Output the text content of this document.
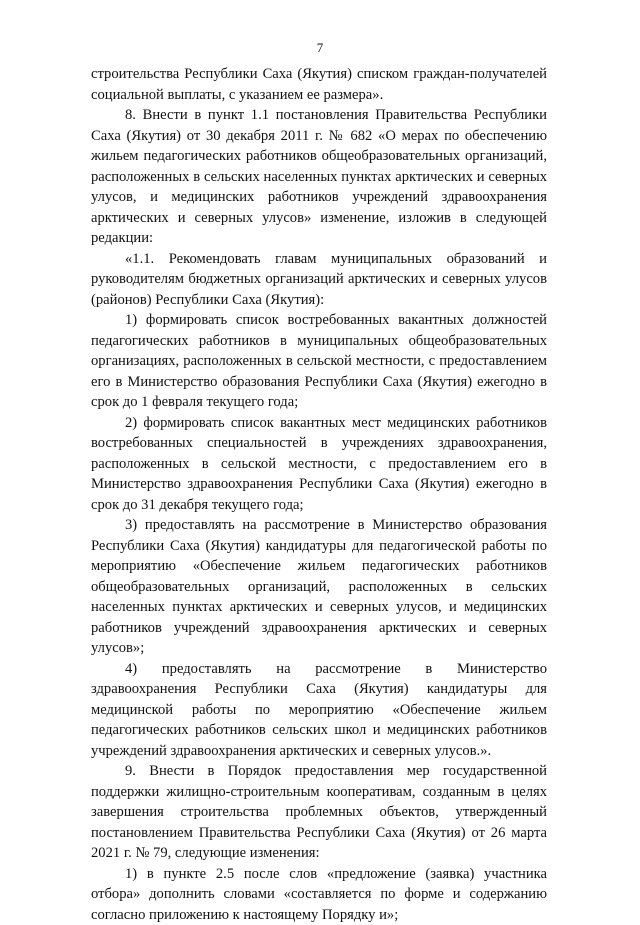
7

строительства Республики Саха (Якутия) списком граждан-получателей социальной выплаты, с указанием ее размера».

8. Внести в пункт 1.1 постановления Правительства Республики Саха (Якутия) от 30 декабря 2011 г. № 682 «О мерах по обеспечению жильем педагогических работников общеобразовательных организаций, расположенных в сельских населенных пунктах арктических и северных улусов, и медицинских работников учреждений здравоохранения арктических и северных улусов» изменение, изложив в следующей редакции:

«1.1. Рекомендовать главам муниципальных образований и руководителям бюджетных организаций арктических и северных улусов (районов) Республики Саха (Якутия):

1) формировать список востребованных вакантных должностей педагогических работников в муниципальных общеобразовательных организациях, расположенных в сельской местности, с предоставлением его в Министерство образования Республики Саха (Якутия) ежегодно в срок до 1 февраля текущего года;

2) формировать список вакантных мест медицинских работников востребованных специальностей в учреждениях здравоохранения, расположенных в сельской местности, с предоставлением его в Министерство здравоохранения Республики Саха (Якутия) ежегодно в срок до 31 декабря текущего года;

3) предоставлять на рассмотрение в Министерство образования Республики Саха (Якутия) кандидатуры для педагогической работы по мероприятию «Обеспечение жильем педагогических работников общеобразовательных организаций, расположенных в сельских населенных пунктах арктических и северных улусов, и медицинских работников учреждений здравоохранения арктических и северных улусов»;

4) предоставлять на рассмотрение в Министерство здравоохранения Республики Саха (Якутия) кандидатуры для медицинской работы по мероприятию «Обеспечение жильем педагогических работников сельских школ и медицинских работников учреждений здравоохранения арктических и северных улусов.».

9. Внести в Порядок предоставления мер государственной поддержки жилищно-строительным кооперативам, созданным в целях завершения строительства проблемных объектов, утвержденный постановлением Правительства Республики Саха (Якутия) от 26 марта 2021 г. № 79, следующие изменения:

1) в пункте 2.5 после слов «предложение (заявка) участника отбора» дополнить словами «составляется по форме и содержанию согласно приложению к настоящему Порядку и»;
